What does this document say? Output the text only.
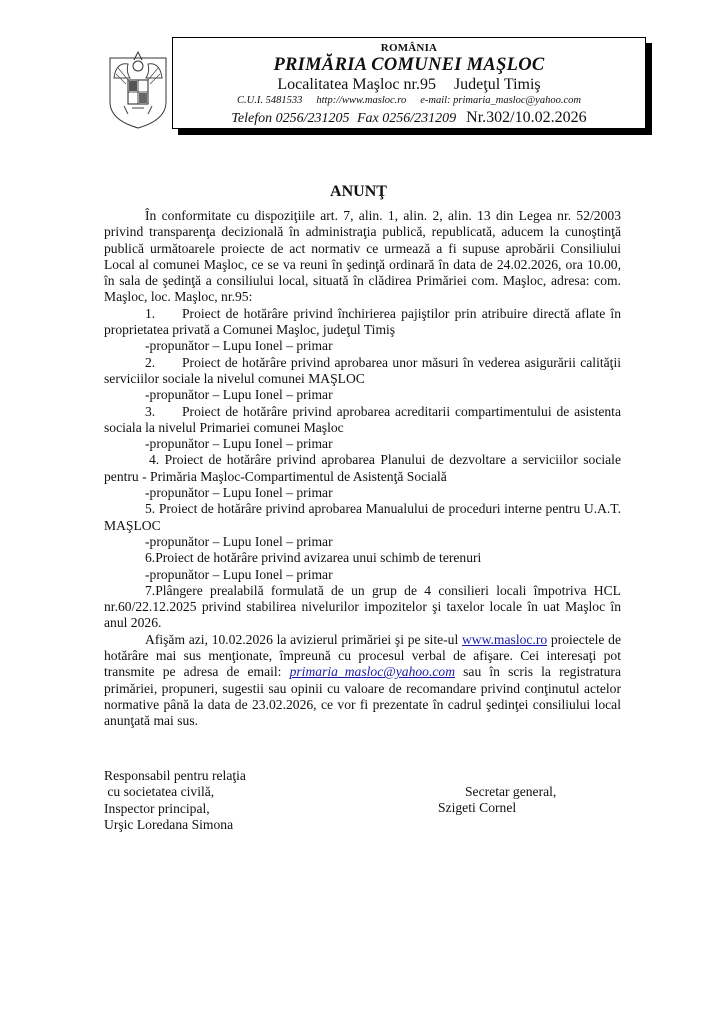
ROMÂNIA
PRIMĂRIA COMUNEI MAŞLOC
Localitatea Maşloc nr.95 Judeţul Timiş
C.U.I. 5481533 http://www.masloc.ro e-mail: primaria_masloc@yahoo.com
Telefon 0256/231205 Fax 0256/231209 Nr.302/10.02.2026
ANUNŢ

În conformitate cu dispoziţiile art. 7, alin. 1, alin. 2, alin. 13 din Legea nr. 52/2003 privind transparenţa decizională în administraţia publică, republicată, aducem la cunoştinţă publică următoarele proiecte de act normativ ce urmează a fi supuse aprobării Consiliului Local al comunei Maşloc, ce se va reuni în şedinţă ordinară în data de 24.02.2026, ora 10.00, în sala de şedinţă a consiliului local, situată în clădirea Primăriei com. Maşloc, adresa: com. Maşloc, loc. Maşloc, nr.95:

1. Proiect de hotărâre privind închirierea pajiştilor prin atribuire directă aflate în proprietatea privată a Comunei Maşloc, judeţul Timiş

-propunător – Lupu Ionel – primar

2. Proiect de hotărâre privind aprobarea unor măsuri în vederea asigurării calităţii serviciilor sociale la nivelul comunei MAŞLOC

-propunător – Lupu Ionel – primar

3. Proiect de hotărâre privind aprobarea acreditarii compartimentului de asistenta sociala la nivelul Primariei comunei Maşloc

-propunător – Lupu Ionel – primar

4. Proiect de hotărâre privind aprobarea Planului de dezvoltare a serviciilor sociale pentru - Primăria Maşloc-Compartimentul de Asistenţă Socială

-propunător – Lupu Ionel – primar

5. Proiect de hotărâre privind aprobarea Manualului de proceduri interne pentru U.A.T. MAŞLOC

-propunător – Lupu Ionel – primar

6.Proiect de hotărâre privind avizarea unui schimb de terenuri

-propunător – Lupu Ionel – primar

7.Plângere prealabilă formulată de un grup de 4 consilieri locali împotriva HCL nr.60/22.12.2025 privind stabilirea nivelurilor impozitelor şi taxelor locale în uat Maşloc în anul 2026.

Afişăm azi, 10.02.2026 la avizierul primăriei şi pe site-ul www.masloc.ro proiectele de hotărâre mai sus menţionate, împreună cu procesul verbal de afişare. Cei interesaţi pot transmite pe adresa de email: primaria_masloc@yahoo.com sau în scris la registratura primăriei, propuneri, sugestii sau opinii cu valoare de recomandare privind conţinutul actelor normative până la data de 23.02.2026, ce vor fi prezentate în cadrul şedinţei consiliului local anunţată mai sus.

Responsabil pentru relaţia
cu societatea civilă,
Inspector principal,
Urşic Loredana Simona
Secretar general,
Szigeti Cornel
